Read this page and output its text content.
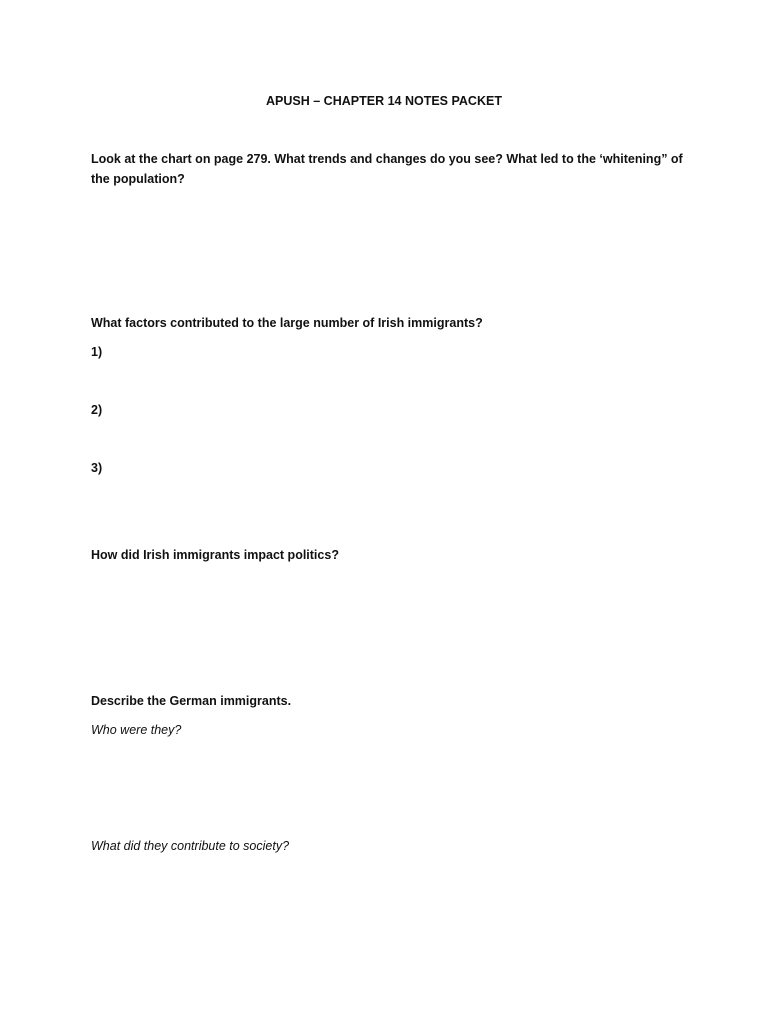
APUSH – CHAPTER 14 NOTES PACKET

Look at the chart on page 279. What trends and changes do you see? What led to the ‘whitening” of

the population?

What factors contributed to the large number of Irish immigrants?

1)

2)

3)

How did Irish immigrants impact politics?

Describe the German immigrants.

Who were they?

What did they contribute to society?
